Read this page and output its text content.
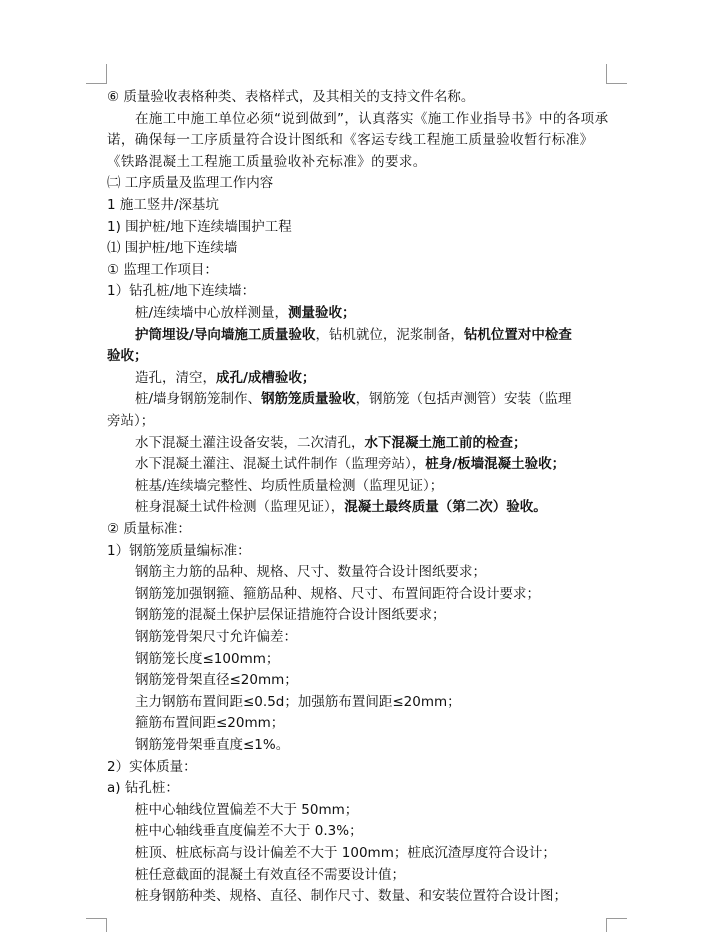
⑥ 质量验收表格种类、表格样式，及其相关的支持文件名称。
在施工中施工单位必须“说到做到”，认真落实《施工作业指导书》中的各项承诺，确保每一工序质量符合设计图纸和《客运专线工程施工质量验收暂行标准》《铁路混凝土工程施工质量验收补充标准》的要求。
㈡ 工序质量及监理工作内容
1 施工竖井/深基坑
1) 围护桩/地下连续墙围护工程
⑴ 围护桩/地下连续墙
① 监理工作项目：
1）钻孔桩/地下连续墙：
桩/连续墙中心放样测量，测量验收；
护筒埋设/导向墙施工质量验收，钻机就位，泥浆制备，钻机位置对中检查
验收；
造孔，清空，成孔/成槽验收；
桩/墙身钢筋笼制作、钢筋笼质量验收，钢筋笼（包括声测管）安装（监理
旁站）；
水下混凝土灌注设备安装，二次清孔，水下混凝土施工前的检查；
水下混凝土灌注、混凝土试件制作（监理旁站），桩身/板墙混凝土验收；
桩基/连续墙完整性、均质性质量检测（监理见证）；
桩身混凝土试件检测（监理见证），混凝土最终质量（第二次）验收。
② 质量标准：
1）钢筋笼质量编标准：
钢筋主力筋的品种、规格、尺寸、数量符合设计图纸要求；
钢筋笼加强钢箍、箍筋品种、规格、尺寸、布置间距符合设计要求；
钢筋笼的混凝土保护层保证措施符合设计图纸要求；
钢筋笼骨架尺寸允许偏差：
钢筋笼长度≤100mm；
钢筋笼骨架直径≤20mm；
主力钢筋布置间距≤0.5d；加强筋布置间距≤20mm；
箍筋布置间距≤20mm；
钢筋笼骨架垂直度≤1%。
2）实体质量：
a) 钻孔桩：
桩中心轴线位置偏差不大于 50mm；
桩中心轴线垂直度偏差不大于 0.3%；
桩顶、桩底标高与设计偏差不大于 100mm；桩底沉渣厚度符合设计；
桩任意截面的混凝土有效直径不需要设计值；
桩身钢筋种类、规格、直径、制作尺寸、数量、和安装位置符合设计图；
